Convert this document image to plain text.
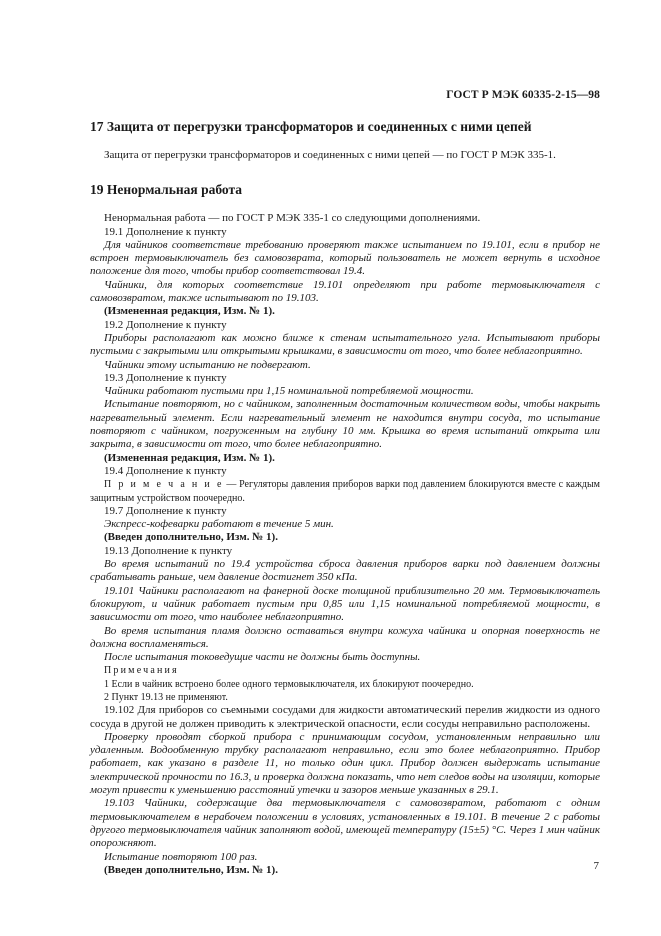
ГОСТ Р МЭК 60335-2-15—98

17 Защита от перегрузки трансформаторов и соединенных с ними цепей

Защита от перегрузки трансформаторов и соединенных с ними цепей — по ГОСТ Р МЭК 335-1.

19 Ненормальная работа

Ненормальная работа — по ГОСТ Р МЭК 335-1 со следующими дополнениями.

19.1 Дополнение к пункту

Для чайников соответствие требованию проверяют также испытанием по 19.101, если в прибор не встроен термовыключатель без самовозврата, который пользователь не может вернуть в исходное положение для того, чтобы прибор соответствовал 19.4.

Чайники, для которых соответствие 19.101 определяют при работе термовыключателя с самовозвратом, также испытывают по 19.103.

(Измененная редакция, Изм. № 1).

19.2 Дополнение к пункту

Приборы располагают как можно ближе к стенам испытательного угла. Испытывают приборы пустыми с закрытыми или открытыми крышками, в зависимости от того, что более неблагоприятно.

Чайники этому испытанию не подвергают.

19.3 Дополнение к пункту

Чайники работают пустыми при 1,15 номинальной потребляемой мощности.

Испытание повторяют, но с чайником, заполненным достаточным количеством воды, чтобы накрыть нагревательный элемент. Если нагревательный элемент не находится внутри сосуда, то испытание повторяют с чайником, погруженным на глубину 10 мм. Крышка во время испытаний открыта или закрыта, в зависимости от того, что более неблагоприятно.

(Измененная редакция, Изм. № 1).

19.4 Дополнение к пункту

П р и м е ч а н и е — Регуляторы давления приборов варки под давлением блокируются вместе с каждым защитным устройством поочередно.

19.7 Дополнение к пункту

Экспресс-кофеварки работают в течение 5 мин.

(Введен дополнительно, Изм. № 1).

19.13 Дополнение к пункту

Во время испытаний по 19.4 устройства сброса давления приборов варки под давлением должны срабатывать раньше, чем давление достигнет 350 кПа.

19.101 Чайники располагают на фанерной доске толщиной приблизительно 20 мм. Термовыключатель блокируют, и чайник работает пустым при 0,85 или 1,15 номинальной потребляемой мощности, в зависимости от того, что наиболее неблагоприятно.

Во время испытания пламя должно оставаться внутри кожуха чайника и опорная поверхность не должна воспламеняться.

После испытания токоведущие части не должны быть доступны.

Примечания

1 Если в чайник встроено более одного термовыключателя, их блокируют поочередно.

2 Пункт 19.13 не применяют.

19.102 Для приборов со съемными сосудами для жидкости автоматический перелив жидкости из одного сосуда в другой не должен приводить к электрической опасности, если сосуды неправильно расположены.

Проверку проводят сборкой прибора с принимающим сосудом, установленным неправильно или удаленным. Водообменную трубку располагают неправильно, если это более неблагоприятно. Прибор работает, как указано в разделе 11, но только один цикл. Прибор должен выдержать испытание электрической прочности по 16.3, и проверка должна показать, что нет следов воды на изоляции, которые могут привести к уменьшению расстояний утечки и зазоров меньше указанных в 29.1.

19.103 Чайники, содержащие два термовыключателя с самовозвратом, работают с одним термовыключателем в нерабочем положении в условиях, установленных в 19.101. В течение 2 с работы другого термовыключателя чайник заполняют водой, имеющей температуру (15±5) °С. Через 1 мин чайник опорожняют.

Испытание повторяют 100 раз.

(Введен дополнительно, Изм. № 1).	7
